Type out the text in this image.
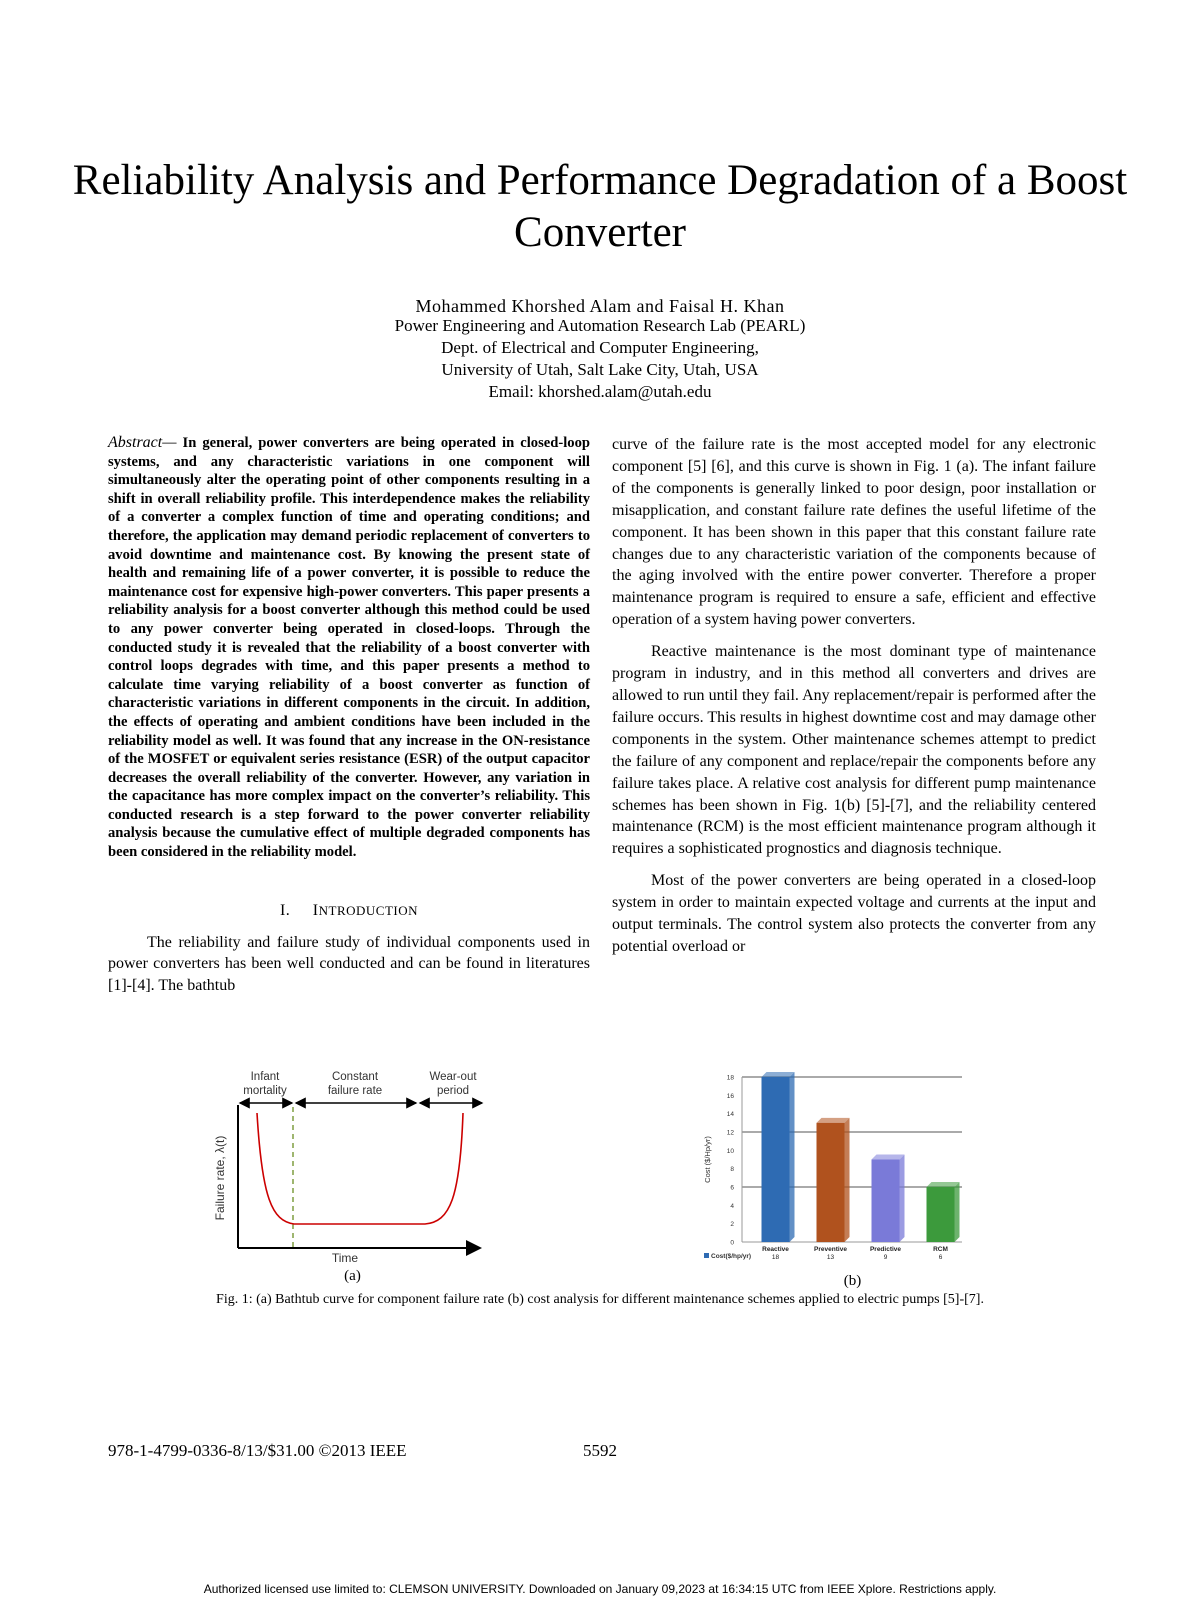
Reliability Analysis and Performance Degradation of a Boost Converter
Mohammed Khorshed Alam and Faisal H. Khan
Power Engineering and Automation Research Lab (PEARL)
Dept. of Electrical and Computer Engineering,
University of Utah, Salt Lake City, Utah, USA
Email: khorshed.alam@utah.edu

Abstract— In general, power converters are being operated in closed-loop systems, and any characteristic variations in one component will simultaneously alter the operating point of other components resulting in a shift in overall reliability profile. This interdependence makes the reliability of a converter a complex function of time and operating conditions; and therefore, the application may demand periodic replacement of converters to avoid downtime and maintenance cost. By knowing the present state of health and remaining life of a power converter, it is possible to reduce the maintenance cost for expensive high-power converters. This paper presents a reliability analysis for a boost converter although this method could be used to any power converter being operated in closed-loops. Through the conducted study it is revealed that the reliability of a boost converter with control loops degrades with time, and this paper presents a method to calculate time varying reliability of a boost converter as function of characteristic variations in different components in the circuit. In addition, the effects of operating and ambient conditions have been included in the reliability model as well. It was found that any increase in the ON-resistance of the MOSFET or equivalent series resistance (ESR) of the output capacitor decreases the overall reliability of the converter. However, any variation in the capacitance has more complex impact on the converter’s reliability. This conducted research is a step forward to the power converter reliability analysis because the cumulative effect of multiple degraded components has been considered in the reliability model.

I. INTRODUCTION

The reliability and failure study of individual components used in power converters has been well conducted and can be found in literatures [1]-[4]. The bathtub

curve of the failure rate is the most accepted model for any electronic component [5] [6], and this curve is shown in Fig. 1 (a). The infant failure of the components is generally linked to poor design, poor installation or misapplication, and constant failure rate defines the useful lifetime of the component. It has been shown in this paper that this constant failure rate changes due to any characteristic variation of the components because of the aging involved with the entire power converter. Therefore a proper maintenance program is required to ensure a safe, efficient and effective operation of a system having power converters.

Reactive maintenance is the most dominant type of maintenance program in industry, and in this method all converters and drives are allowed to run until they fail. Any replacement/repair is performed after the failure occurs. This results in highest downtime cost and may damage other components in the system. Other maintenance schemes attempt to predict the failure of any component and replace/repair the components before any failure takes place. A relative cost analysis for different pump maintenance schemes has been shown in Fig. 1(b) [5]-[7], and the reliability centered maintenance (RCM) is the most efficient maintenance program although it requires a sophisticated prognostics and diagnosis technique.

Most of the power converters are being operated in a closed-loop system in order to maintain expected voltage and currents at the input and output terminals. The control system also protects the converter from any potential overload or

Infant
mortality
Constant
failure rate
Wear-out
period
Failure rate, λ(t)
Time
(a)
0
2
4
6
8
10
12
14
16
18
Cost ($/Hp/yr)
Reactive
18
Preventive
13
Predictive
9
RCM
6
Cost($/hp/yr)
(b)
Fig. 1: (a) Bathtub curve for component failure rate (b) cost analysis for different maintenance schemes applied to electric pumps [5]-[7].
978-1-4799-0336-8/13/$31.00 ©2013 IEEE	5592
Authorized licensed use limited to: CLEMSON UNIVERSITY. Downloaded on January 09,2023 at 16:34:15 UTC from IEEE Xplore. Restrictions apply.
